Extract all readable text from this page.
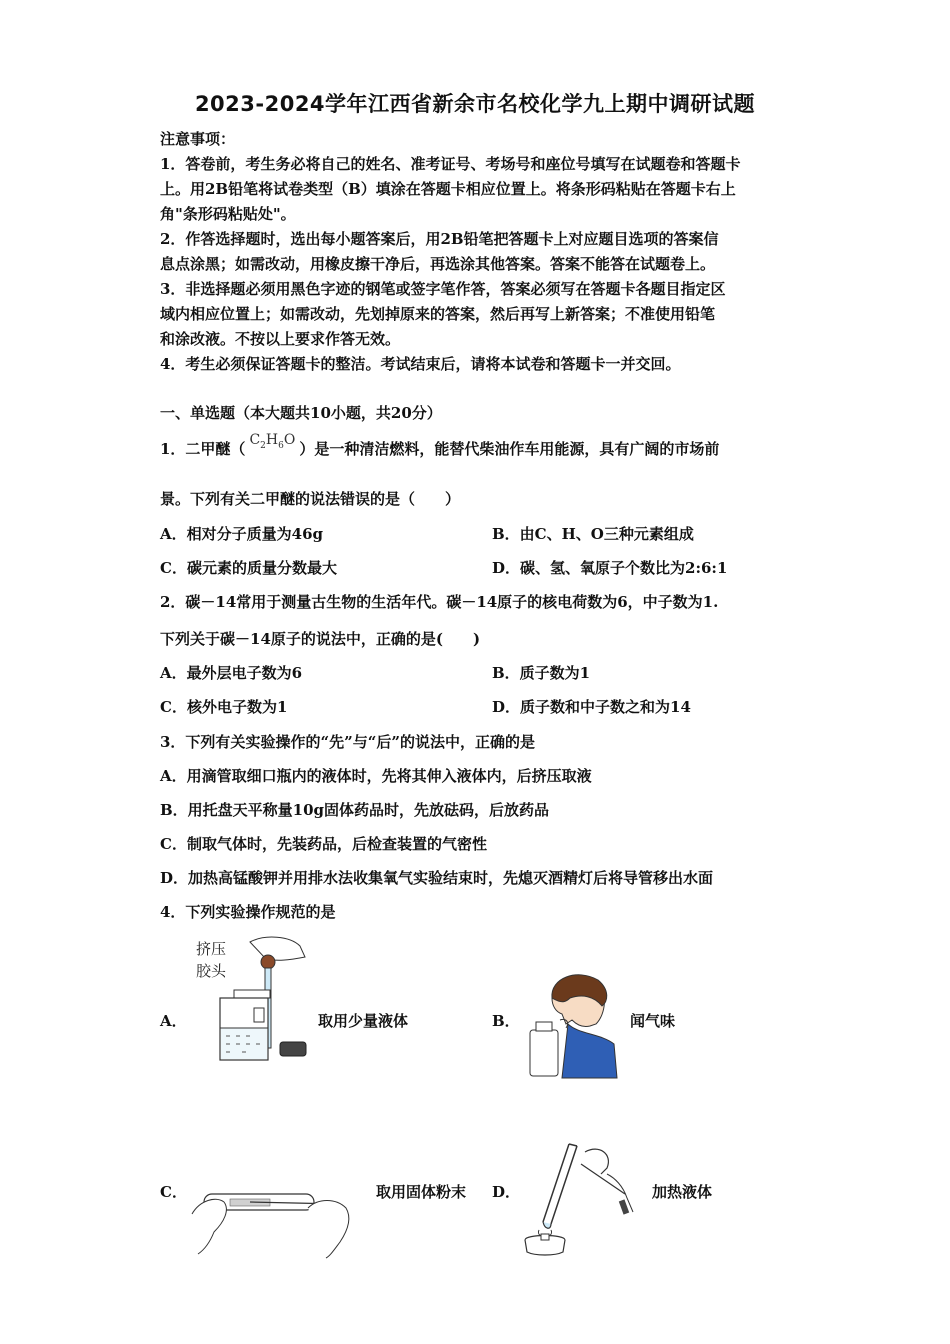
2023-2024学年江西省新余市名校化学九上期中调研试题
注意事项：
1．答卷前，考生务必将自己的姓名、准考证号、考场号和座位号填写在试题卷和答题卡
上。用2B铅笔将试卷类型（B）填涂在答题卡相应位置上。将条形码粘贴在答题卡右上
角"条形码粘贴处"。
2．作答选择题时，选出每小题答案后，用2B铅笔把答题卡上对应题目选项的答案信
息点涂黑；如需改动，用橡皮擦干净后，再选涂其他答案。答案不能答在试题卷上。
3．非选择题必须用黑色字迹的钢笔或签字笔作答，答案必须写在答题卡各题目指定区
域内相应位置上；如需改动，先划掉原来的答案，然后再写上新答案；不准使用铅笔
和涂改液。不按以上要求作答无效。
4．考生必须保证答题卡的整洁。考试结束后，请将本试卷和答题卡一并交回。
一、单选题（本大题共10小题，共20分）
1．二甲醚（ $C_2H_6O$ ）是一种清洁燃料，能替代柴油作车用能源，具有广阔的市场前
景。下列有关二甲醚的说法错误的是（　　）
A．相对分子质量为46g	B．由C、H、O三种元素组成
C．碳元素的质量分数最大	D．碳、氢、氧原子个数比为2:6:1
2．碳－14常用于测量古生物的生活年代。碳－14原子的核电荷数为6，中子数为1.
下列关于碳－14原子的说法中，正确的是(　　)
A．最外层电子数为6	B．质子数为1
C．核外电子数为1	D．质子数和中子数之和为14
3．下列有关实验操作的“先”与“后”的说法中，正确的是
A．用滴管取细口瓶内的液体时，先将其伸入液体内，后挤压取液
B．用托盘天平称量10g固体药品时，先放砝码，后放药品
C．制取气体时，先装药品，后检查装置的气密性
D．加热高锰酸钾并用排水法收集氧气实验结束时，先熄灭酒精灯后将导管移出水面
4．下列实验操作规范的是
A．
挤压
胶头
取用少量液体	B．	闻气味
C．	取用固体粉末 D．	加热液体
